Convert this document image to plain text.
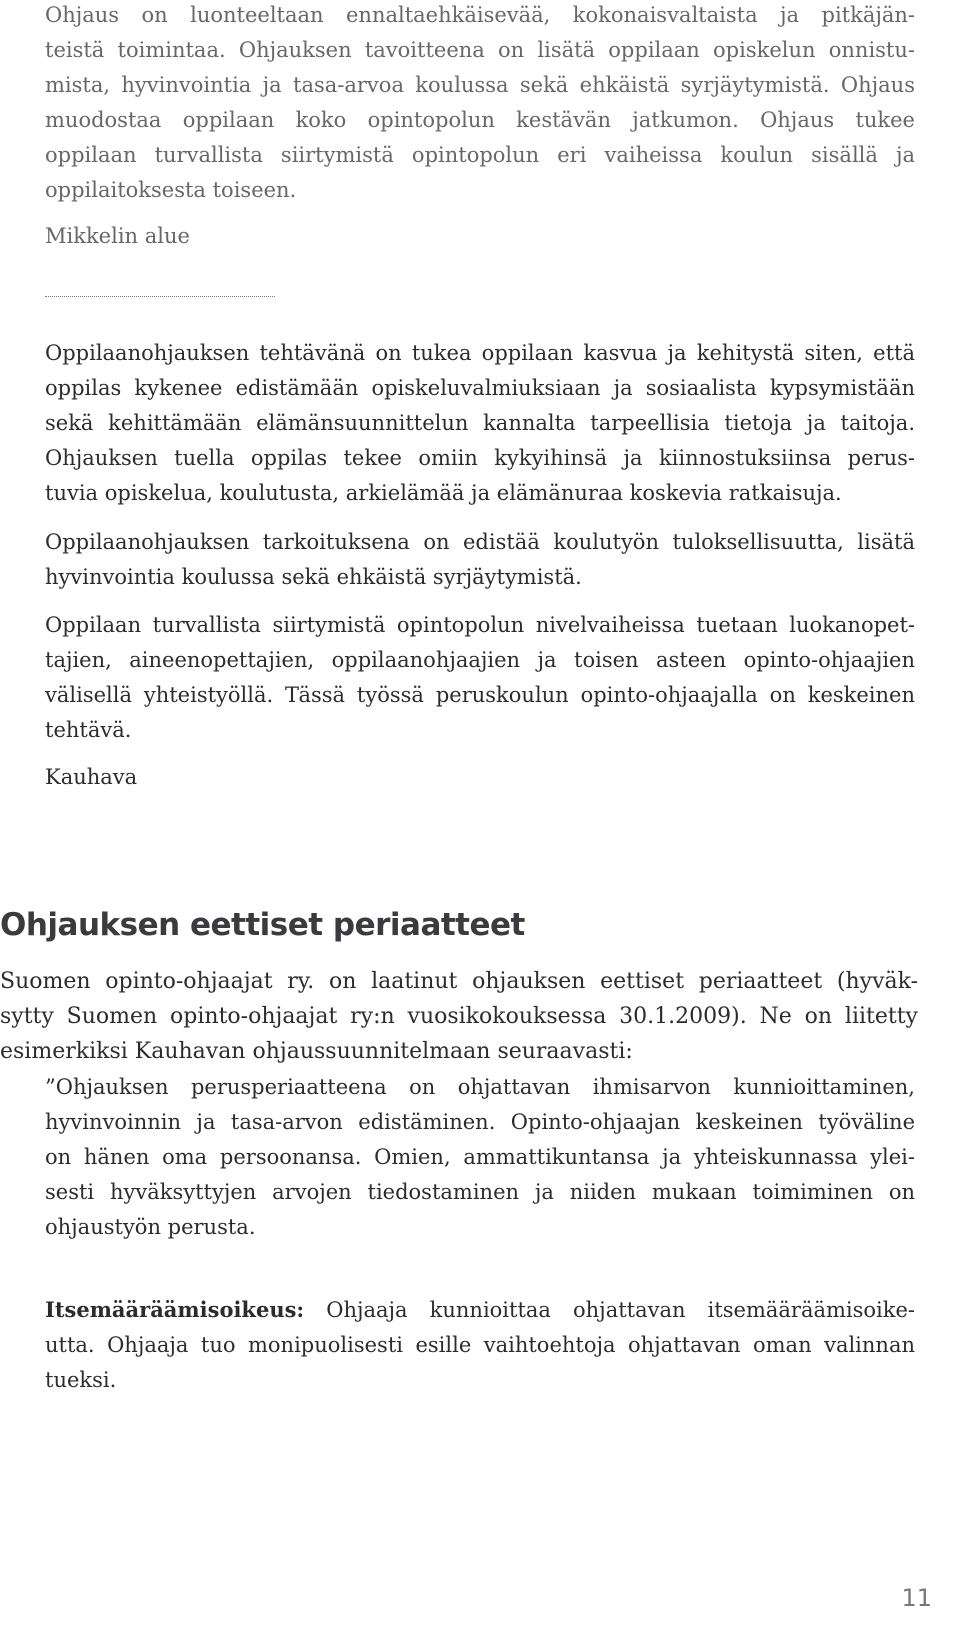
Ohjaus on luonteeltaan ennaltaehkäisevää, kokonaisvaltaista ja pitkäjän-
teistä toimintaa. Ohjauksen tavoitteena on lisätä oppilaan opiskelun onnistu-
mista, hyvinvointia ja tasa-arvoa koulussa sekä ehkäistä syrjäytymistä. Ohjaus
muodostaa oppilaan koko opintopolun kestävän jatkumon. Ohjaus tukee
oppilaan turvallista siirtymistä opintopolun eri vaiheissa koulun sisällä ja
oppilaitoksesta toiseen.
Mikkelin alue
Oppilaanohjauksen tehtävänä on tukea oppilaan kasvua ja kehitystä siten, että
oppilas kykenee edistämään opiskeluvalmiuksiaan ja sosiaalista kypsymistään
sekä kehittämään elämänsuunnittelun kannalta tarpeellisia tietoja ja taitoja.
Ohjauksen tuella oppilas tekee omiin kykyihinsä ja kiinnostuksiinsa perus-
tuvia opiskelua, koulutusta, arkielämää ja elämänuraa koskevia ratkaisuja.
Oppilaanohjauksen tarkoituksena on edistää koulutyön tuloksellisuutta, lisätä
hyvinvointia koulussa sekä ehkäistä syrjäytymistä.
Oppilaan turvallista siirtymistä opintopolun nivelvaiheissa tuetaan luokanopet-
tajien, aineenopettajien, oppilaanohjaajien ja toisen asteen opinto-ohjaajien
välisellä yhteistyöllä. Tässä työssä peruskoulun opinto-ohjaajalla on keskeinen
tehtävä.
Kauhava
Ohjauksen eettiset periaatteet
Suomen opinto-ohjaajat ry. on laatinut ohjauksen eettiset periaatteet (hyväk-
sytty Suomen opinto-ohjaajat ry:n vuosikokouksessa 30.1.2009). Ne on liitetty
esimerkiksi Kauhavan ohjaussuunnitelmaan seuraavasti:
”Ohjauksen perusperiaatteena on ohjattavan ihmisarvon kunnioittaminen,
hyvinvoinnin ja tasa-arvon edistäminen. Opinto-ohjaajan keskeinen työväline
on hänen oma persoonansa. Omien, ammattikuntansa ja yhteiskunnassa ylei-
sesti hyväksyttyjen arvojen tiedostaminen ja niiden mukaan toimiminen on
ohjaustyön perusta.
Itsemääräämisoikeus: Ohjaaja kunnioittaa ohjattavan itsemääräämisoike-
utta. Ohjaaja tuo monipuolisesti esille vaihtoehtoja ohjattavan oman valinnan
tueksi.
11
